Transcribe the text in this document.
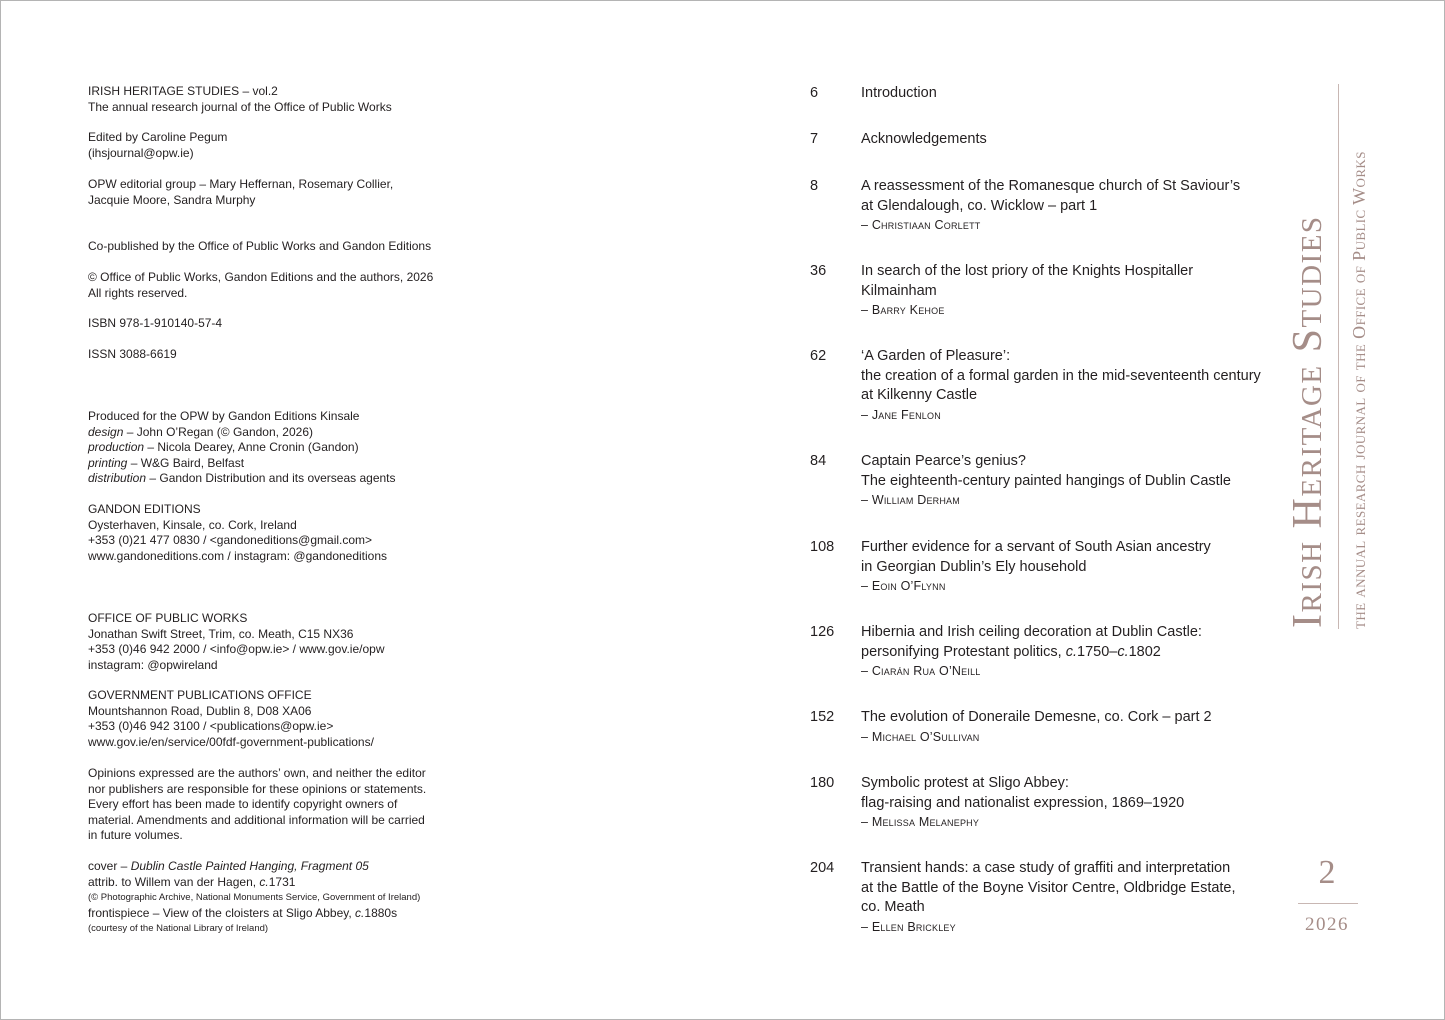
IRISH HERITAGE STUDIES – vol.2
The annual research journal of the Office of Public Works
Edited by Caroline Pegum
(ihsjournal@opw.ie)
OPW editorial group – Mary Heffernan, Rosemary Collier,
Jacquie Moore, Sandra Murphy
Co-published by the Office of Public Works and Gandon Editions
© Office of Public Works, Gandon Editions and the authors, 2026
All rights reserved.
ISBN 978-1-910140-57-4
ISSN 3088-6619
Produced for the OPW by Gandon Editions Kinsale
design – John O’Regan (© Gandon, 2026)
production – Nicola Dearey, Anne Cronin (Gandon)
printing – W&G Baird, Belfast
distribution – Gandon Distribution and its overseas agents
GANDON EDITIONS
Oysterhaven, Kinsale, co. Cork, Ireland
+353 (0)21 477 0830 / <gandoneditions@gmail.com>
www.gandoneditions.com / instagram: @gandoneditions
OFFICE OF PUBLIC WORKS
Jonathan Swift Street, Trim, co. Meath, C15 NX36
+353 (0)46 942 2000 / <info@opw.ie> / www.gov.ie/opw
instagram: @opwireland
GOVERNMENT PUBLICATIONS OFFICE
Mountshannon Road, Dublin 8, D08 XA06
+353 (0)46 942 3100 / <publications@opw.ie>
www.gov.ie/en/service/00fdf-government-publications/
Opinions expressed are the authors’ own, and neither the editor
nor publishers are responsible for these opinions or statements.
Every effort has been made to identify copyright owners of
material. Amendments and additional information will be carried
in future volumes.
cover – Dublin Castle Painted Hanging, Fragment 05
attrib. to Willem van der Hagen, c.1731
(© Photographic Archive, National Monuments Service, Government of Ireland)
frontispiece – View of the cloisters at Sligo Abbey, c.1880s
(courtesy of the National Library of Ireland)
6	Introduction
7	Acknowledgements
8	A reassessment of the Romanesque church of St Saviour’s
at Glendalough, co. Wicklow – part 1
– Christiaan Corlett
36	In search of the lost priory of the Knights Hospitaller
Kilmainham
– Barry Kehoe
62	‘A Garden of Pleasure’:
the creation of a formal garden in the mid-seventeenth century
at Kilkenny Castle
– Jane Fenlon
84	Captain Pearce’s genius?
The eighteenth-century painted hangings of Dublin Castle
– William Derham
108	Further evidence for a servant of South Asian ancestry
in Georgian Dublin’s Ely household
– Eoin O’Flynn
126	Hibernia and Irish ceiling decoration at Dublin Castle:
personifying Protestant politics, c.1750–c.1802
– Ciarán Rua O’Neill
152	The evolution of Doneraile Demesne, co. Cork – part 2
– Michael O’Sullivan
180	Symbolic protest at Sligo Abbey:
flag-raising and nationalist expression, 1869–1920
– Melissa Melanephy
204	Transient hands: a case study of graffiti and interpretation
at the Battle of the Boyne Visitor Centre, Oldbridge Estate,
co. Meath
– Ellen Brickley
Irish Heritage Studies the annual research journal of the Office of Public Works
2
2026
